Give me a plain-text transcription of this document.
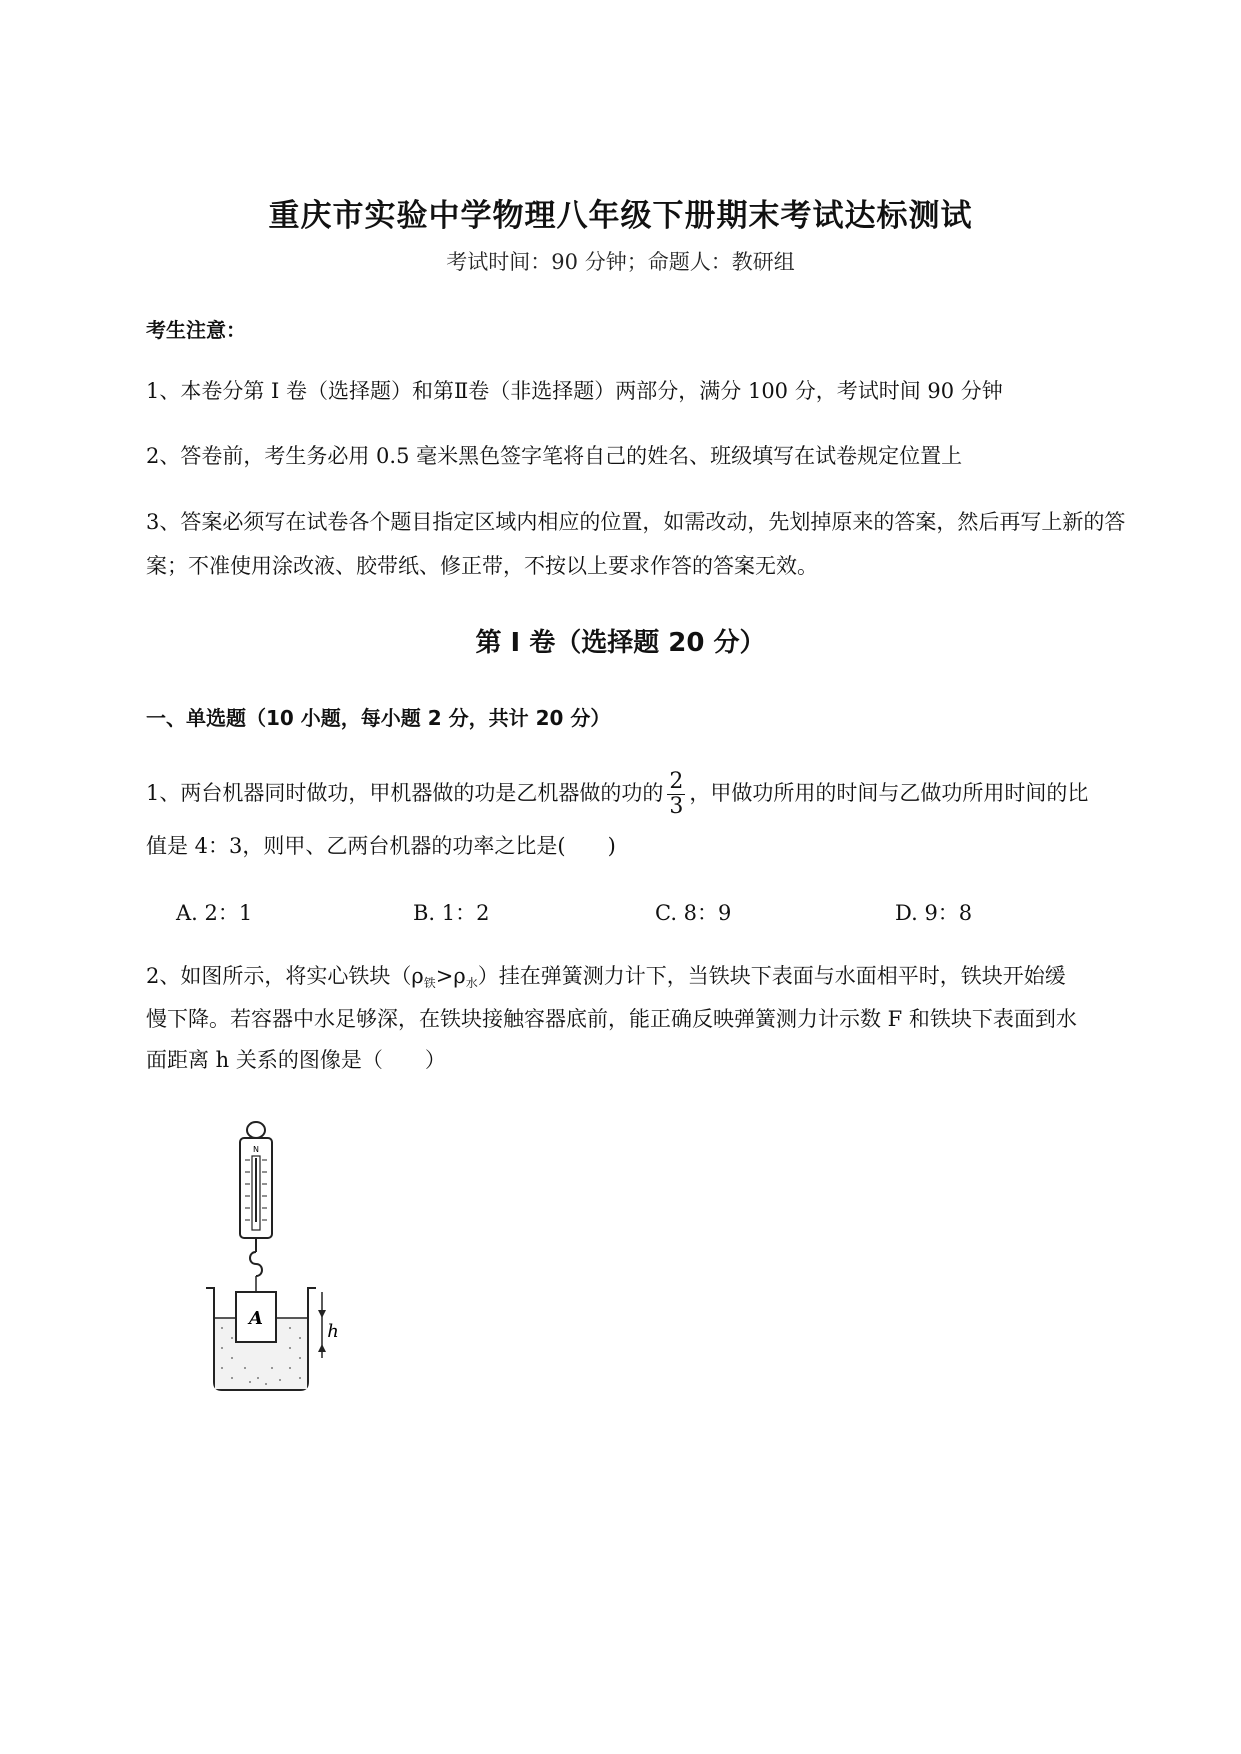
重庆市实验中学物理八年级下册期末考试达标测试
考试时间：90 分钟；命题人：教研组
考生注意：
1、本卷分第 I 卷（选择题）和第Ⅱ卷（非选择题）两部分，满分 100 分，考试时间 90 分钟
2、答卷前，考生务必用 0.5 毫米黑色签字笔将自己的姓名、班级填写在试卷规定位置上
3、答案必须写在试卷各个题目指定区域内相应的位置，如需改动，先划掉原来的答案，然后再写上新的答案；不准使用涂改液、胶带纸、修正带，不按以上要求作答的答案无效。
第 I 卷（选择题 20 分）
一、单选题（10 小题，每小题 2 分，共计 20 分）
1、两台机器同时做功，甲机器做的功是乙机器做的功的 $\frac{2}{3}$ ，甲做功所用的时间与乙做功所用时间的比
值是 4：3，则甲、乙两台机器的功率之比是(　　)
A. 2：1	B. 1：2	C. 8：9	D. 9：8
2、如图所示，将实心铁块$(\rho_铁>\rho_水)$挂在弹簧测力计下，当铁块下表面与水面相平时，铁块开始缓
慢下降。若容器中水足够深，在铁块接触容器底前，能正确反映弹簧测力计示数 F 和铁块下表面到水
面距离 h 关系的图像是（　　）
N
A
h
